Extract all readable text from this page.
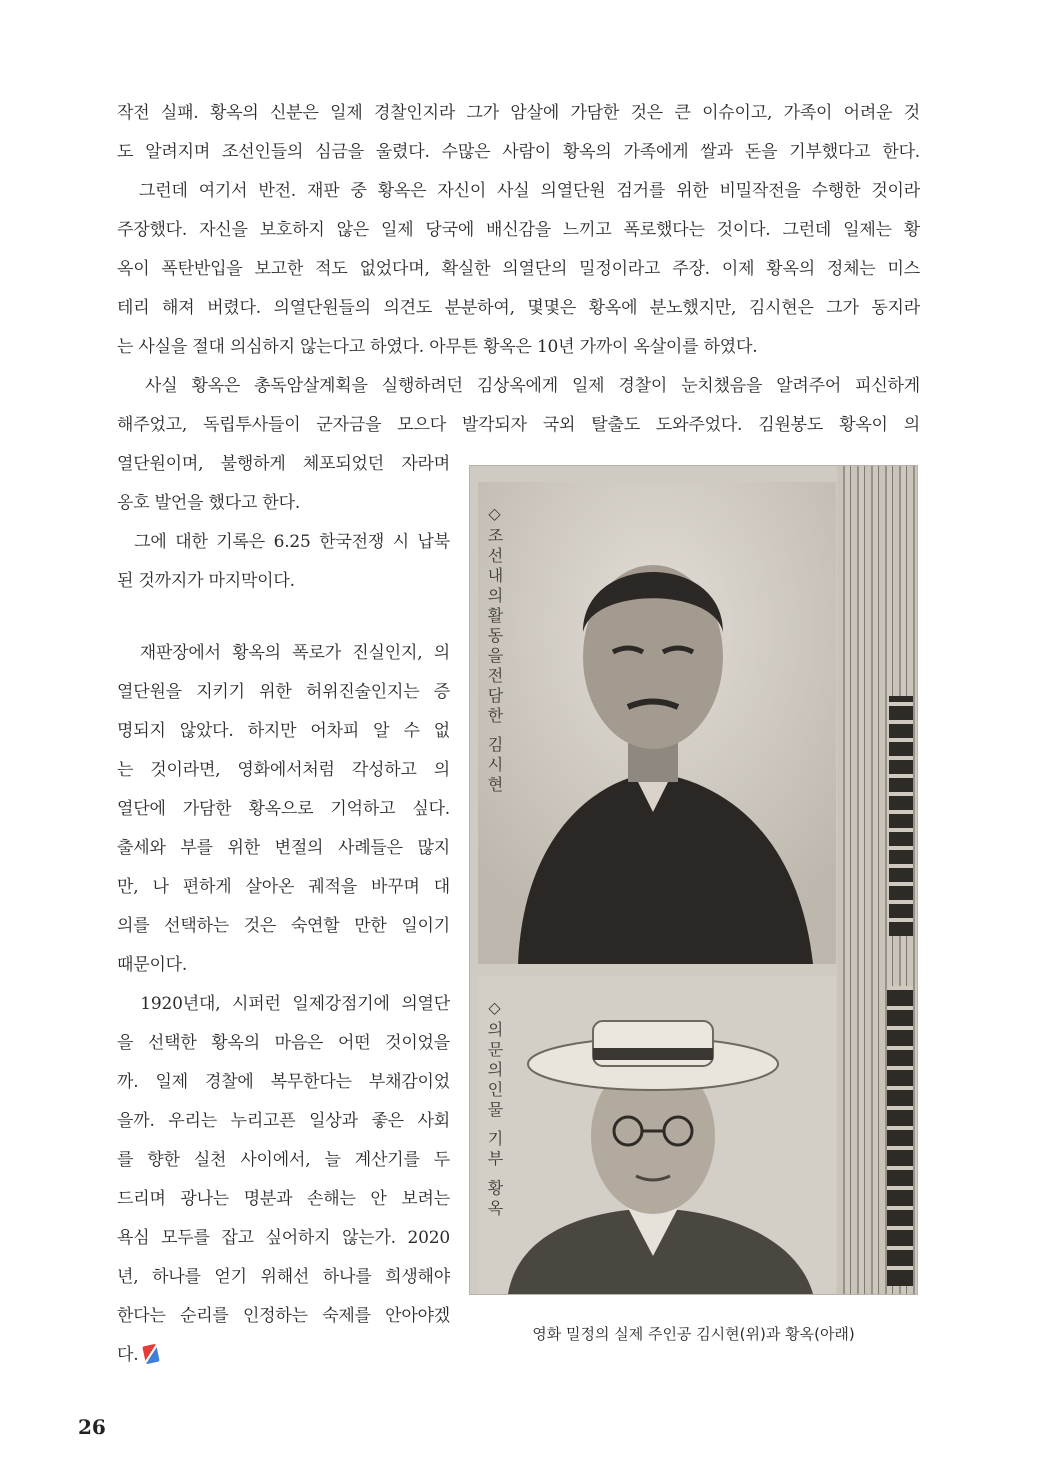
작전 실패. 황옥의 신분은 일제 경찰인지라 그가 암살에 가담한 것은 큰 이슈이고, 가족이 어려운 것
도 알려지며 조선인들의 심금을 울렸다. 수많은 사람이 황옥의 가족에게 쌀과 돈을 기부했다고 한다.
그런데 여기서 반전. 재판 중 황옥은 자신이 사실 의열단원 검거를 위한 비밀작전을 수행한 것이라
주장했다. 자신을 보호하지 않은 일제 당국에 배신감을 느끼고 폭로했다는 것이다. 그런데 일제는 황
옥이 폭탄반입을 보고한 적도 없었다며, 확실한 의열단의 밀정이라고 주장. 이제 황옥의 정체는 미스
테리 해져 버렸다. 의열단원들의 의견도 분분하여, 몇몇은 황옥에 분노했지만, 김시현은 그가 동지라
는 사실을 절대 의심하지 않는다고 하였다. 아무튼 황옥은 10년 가까이 옥살이를 하였다.
사실 황옥은 총독암살계획을 실행하려던 김상옥에게 일제 경찰이 눈치챘음을 알려주어 피신하게
해주었고, 독립투사들이 군자금을 모으다 발각되자 국외 탈출도 도와주었다. 김원봉도 황옥이 의
열단원이며, 불행하게 체포되었던 자라며
옹호 발언을 했다고 한다.
그에 대한 기록은 6.25 한국전쟁 시 납북
된 것까지가 마지막이다.
재판장에서 황옥의 폭로가 진실인지, 의
열단원을 지키기 위한 허위진술인지는 증
명되지 않았다. 하지만 어차피 알 수 없
는 것이라면, 영화에서처럼 각성하고 의
열단에 가담한 황옥으로 기억하고 싶다.
출세와 부를 위한 변절의 사례들은 많지
만, 나 편하게 살아온 궤적을 바꾸며 대
의를 선택하는 것은 숙연할 만한 일이기
때문이다.
1920년대, 시퍼런 일제강점기에 의열단
을 선택한 황옥의 마음은 어떤 것이었을
까. 일제 경찰에 복무한다는 부채감이었
을까. 우리는 누리고픈 일상과 좋은 사회
를 향한 실천 사이에서, 늘 계산기를 두
드리며 광나는 명분과 손해는 안 보려는
욕심 모두를 잡고 싶어하지 않는가. 2020
년, 하나를 얻기 위해선 하나를 희생해야
한다는 순리를 인정하는 숙제를 안아야겠
다.
◇조선내의활동을전담한 김시현
◇의문의인물 기부 황옥
영화 밀정의 실제 주인공 김시현(위)과 황옥(아래)
26
